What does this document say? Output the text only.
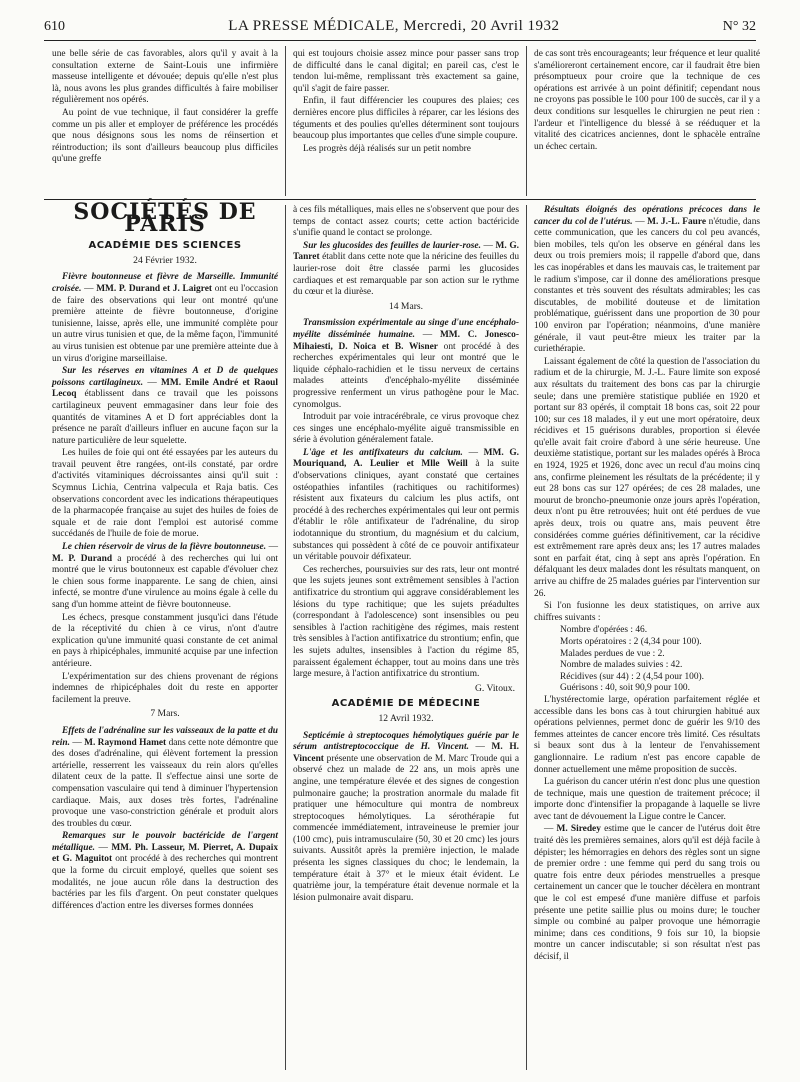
610	LA PRESSE MÉDICALE, Mercredi, 20 Avril 1932	N° 32

une belle série de cas favorables, alors qu'il y avait à la consultation externe de Saint-Louis une infirmière masseuse intelligente et dévouée; depuis qu'elle n'est plus là, nous avons les plus grandes difficultés à faire mobiliser régulièrement nos opérés.

Au point de vue technique, il faut considérer la greffe comme un pis aller et employer de préférence les procédés que nous désignons sous les noms de réinsertion et réintroduction; ils sont d'ailleurs beaucoup plus difficiles qu'une greffe

qui est toujours choisie assez mince pour passer sans trop de difficulté dans le canal digital; en pareil cas, c'est le tendon lui-même, remplissant très exactement sa gaine, qu'il s'agit de faire passer.

Enfin, il faut différencier les coupures des plaies; ces dernières encore plus difficiles à réparer, car les lésions des téguments et des poulies qu'elles déterminent sont toujours beaucoup plus importantes que celles d'une simple coupure.

Les progrès déjà réalisés sur un petit nombre

de cas sont très encourageants; leur fréquence et leur qualité s'amélioreront certainement encore, car il faudrait être bien présomptueux pour croire que la technique de ces opérations est arrivée à un point définitif; cependant nous ne croyons pas possible le 100 pour 100 de succès, car il y a deux conditions sur lesquelles le chirurgien ne peut rien : l'ardeur et l'intelligence du blessé à se rééduquer et la vitalité des cicatrices anciennes, dont le sphacèle entraîne un échec certain.

SOCIÉTÉS DE PARIS
ACADÉMIE DES SCIENCES
24 Février 1932.

Fièvre boutonneuse et fièvre de Marseille. Immunité croisée. — MM. P. Durand et J. Laigret ont eu l'occasion de faire des observations qui leur ont montré qu'une première atteinte de fièvre boutonneuse, d'origine tunisienne, laisse, après elle, une immunité complète pour un autre virus tunisien et que, de la même façon, l'immunité au virus tunisien est obtenue par une première atteinte due à un virus d'origine marseillaise.

Sur les réserves en vitamines A et D de quelques poissons cartilagineux. — MM. Emile André et Raoul Lecoq établissent dans ce travail que les poissons cartilagineux peuvent emmagasiner dans leur foie des quantités de vitamines A et D fort appréciables dont la présence ne paraît d'ailleurs influer en aucune façon sur la nature particulière de leur squelette.

Les huiles de foie qui ont été essayées par les auteurs du travail peuvent être rangées, ont-ils constaté, par ordre d'activités vitaminiques décroissantes ainsi qu'il suit : Scymnus Lichia, Centrina valpecula et Raja batis. Ces observations concordent avec les indications thérapeutiques de la pharmacopée française au sujet des huiles de foies de squale et de raie dont l'emploi est autorisé comme succédanés de l'huile de foie de morue.

Le chien réservoir de virus de la fièvre boutonneuse. — M. P. Durand a procédé à des recherches qui lui ont montré que le virus boutonneux est capable d'évoluer chez le chien sous forme inapparente. Le sang de chien, ainsi infecté, se montre d'une virulence au moins égale à celle du sang d'un homme atteint de fièvre boutonneuse.

Les échecs, presque constamment jusqu'ici dans l'étude de la réceptivité du chien à ce virus, n'ont d'autre explication qu'une immunité quasi constante de cet animal en pays à rhipicéphales, immunité acquise par une infection antérieure.

L'expérimentation sur des chiens provenant de régions indemnes de rhipicéphales doit du reste en apporter facilement la preuve.

7 Mars.

Effets de l'adrénaline sur les vaisseaux de la patte et du rein. — M. Raymond Hamet dans cette note démontre que des doses d'adrénaline, qui élèvent fortement la pression artérielle, resserrent les vaisseaux du rein alors qu'elles dilatent ceux de la patte. Il s'effectue ainsi une sorte de compensation vasculaire qui tend à diminuer l'hypertension cardiaque. Mais, aux doses très fortes, l'adrénaline provoque une vaso-constriction générale et produit alors des troubles du cœur.

Remarques sur le pouvoir bactéricide de l'argent métallique. — MM. Ph. Lasseur, M. Pierret, A. Dupaix et G. Maguitot ont procédé à des recherches qui montrent que la forme du circuit employé, quelles que soient ses modalités, ne joue aucun rôle dans la destruction des bactéries par les fils d'argent. On peut constater quelques différences d'action entre les diverses formes données

à ces fils métalliques, mais elles ne s'observent que pour des temps de contact assez courts; cette action bactéricide s'unifie quand le contact se prolonge.

Sur les glucosides des feuilles de laurier-rose. — M. G. Tanret établit dans cette note que la néricine des feuilles du laurier-rose doit être classée parmi les glucosides cardiaques et est remarquable par son action sur le rythme du cœur et la diurèse.

14 Mars.

Transmission expérimentale au singe d'une encéphalo-myélite disséminée humaine. — MM. C. Jonesco-Mihaiesti, D. Noica et B. Wisner ont procédé à des recherches expérimentales qui leur ont montré que le liquide céphalo-rachidien et le tissu nerveux de certains malades atteints d'encéphalo-myélite disséminée progressive renferment un virus pathogène pour le Mac. cynomolgus.

Introduit par voie intracérébrale, ce virus provoque chez ces singes une encéphalo-myélite aiguë transmissible en série à évolution généralement fatale.

L'âge et les antifixateurs du calcium. — MM. G. Mouriquand, A. Leulier et Mlle Weill à la suite d'observations cliniques, ayant constaté que certaines ostéopathies infantiles (rachitiques ou rachitiformes) résistent aux fixateurs du calcium les plus actifs, ont procédé à des recherches expérimentales qui leur ont permis d'établir le rôle antifixateur de l'adrénaline, du sirop iodotannique du strontium, du magnésium et du calcium, substances qui possèdent à côté de ce pouvoir antifixateur un véritable pouvoir défixateur.

Ces recherches, poursuivies sur des rats, leur ont montré que les sujets jeunes sont extrêmement sensibles à l'action antifixatrice du strontium qui aggrave considérablement les lésions du type rachitique; que les sujets préadultes (correspondant à l'adolescence) sont insensibles ou peu sensibles à l'action rachitigène des régimes, mais restent très sensibles à l'action antifixatrice du strontium; enfin, que les sujets adultes, insensibles à l'action du régime 85, paraissent également échapper, tout au moins dans une très large mesure, à l'action antifixatrice du strontium.

G. Vitoux.
ACADÉMIE DE MÉDECINE
12 Avril 1932.

Septicémie à streptocoques hémolytiques guérie par le sérum antistreptococcique de H. Vincent. — M. H. Vincent présente une observation de M. Marc Troude qui a observé chez un malade de 22 ans, un mois après une angine, une température élevée et des signes de congestion pulmonaire gauche; la prostration anormale du malade fit pratiquer une hémoculture qui montra de nombreux streptocoques hémolytiques. La sérothérapie fut commencée immédiatement, intraveineuse le premier jour (100 cmc), puis intramusculaire (50, 30 et 20 cmc) les jours suivants. Aussitôt après la première injection, le malade présenta les signes classiques du choc; le lendemain, la température était à 37° et le mieux était évident. Le quatrième jour, la température était devenue normale et la lésion pulmonaire avait disparu.

Résultats éloignés des opérations précoces dans le cancer du col de l'utérus. — M. J.-L. Faure n'étudie, dans cette communication, que les cancers du col peu avancés, bien mobiles, tels qu'on les observe en général dans les deux ou trois premiers mois; il rappelle d'abord que, dans les cas inopérables et dans les mauvais cas, le traitement par le radium s'impose, car il donne des améliorations presque constantes et très souvent des résultats admirables; les cas discutables, de mobilité douteuse et de limitation problématique, guérissent dans une proportion de 30 pour 100 environ par l'opération; néanmoins, d'une manière générale, il vaut peut-être mieux les traiter par la curiethérapie.

Laissant également de côté la question de l'association du radium et de la chirurgie, M. J.-L. Faure limite son exposé aux résultats du traitement des bons cas par la chirurgie seule; dans une première statistique publiée en 1920 et portant sur 83 opérés, il comptait 18 bons cas, soit 22 pour 100; sur ces 18 malades, il y eut une mort opératoire, deux récidives et 15 guérisons durables, proportion si élevée qu'elle avait fait croire d'abord à une série heureuse. Une deuxième statistique, portant sur les malades opérés à Broca en 1924, 1925 et 1926, donc avec un recul d'au moins cinq ans, confirme pleinement les résultats de la précédente; il y eut 28 bons cas sur 127 opérées; de ces 28 malades, une mourut de broncho-pneumonie onze jours après l'opération, deux n'ont pu être retrouvées; huit ont été perdues de vue après deux, trois ou quatre ans, mais peuvent être considérées comme guéries définitivement, car la récidive est extrêmement rare après deux ans; les 17 autres malades sont en parfait état, cinq à sept ans après l'opération. En défalquant les deux malades dont les résultats manquent, on arrive au chiffre de 25 malades guéries par l'intervention sur 26.

Si l'on fusionne les deux statistiques, on arrive aux chiffres suivants :

Nombre d'opérées : 46.

Morts opératoires : 2 (4,34 pour 100).

Malades perdues de vue : 2.

Nombre de malades suivies : 42.

Récidives (sur 44) : 2 (4,54 pour 100).

Guérisons : 40, soit 90,9 pour 100.

L'hystérectomie large, opération parfaitement réglée et accessible dans les bons cas à tout chirurgien habitué aux opérations pelviennes, permet donc de guérir les 9/10 des femmes atteintes de cancer encore très limité. Ces résultats si beaux sont dus à la lenteur de l'envahissement ganglionnaire. Le radium n'est pas encore capable de donner actuellement une même proposition de succès.

La guérison du cancer utérin n'est donc plus une question de technique, mais une question de traitement précoce; il importe donc d'intensifier la propagande à laquelle se livre avec tant de dévouement la Ligue contre le Cancer.

— M. Siredey estime que le cancer de l'utérus doit être traité dès les premières semaines, alors qu'il est déjà facile à dépister; les hémorragies en dehors des règles sont un signe de premier ordre : une femme qui perd du sang trois ou quatre fois entre deux périodes menstruelles a presque certainement un cancer que le toucher décèlera en montrant que le col est empesé d'une manière diffuse et parfois présente une petite saillie plus ou moins dure; le toucher simple ou combiné au palper provoque une hémorragie minime; dans ces conditions, 9 fois sur 10, la biopsie montre un cancer indiscutable; si son résultat n'est pas décisif, il
